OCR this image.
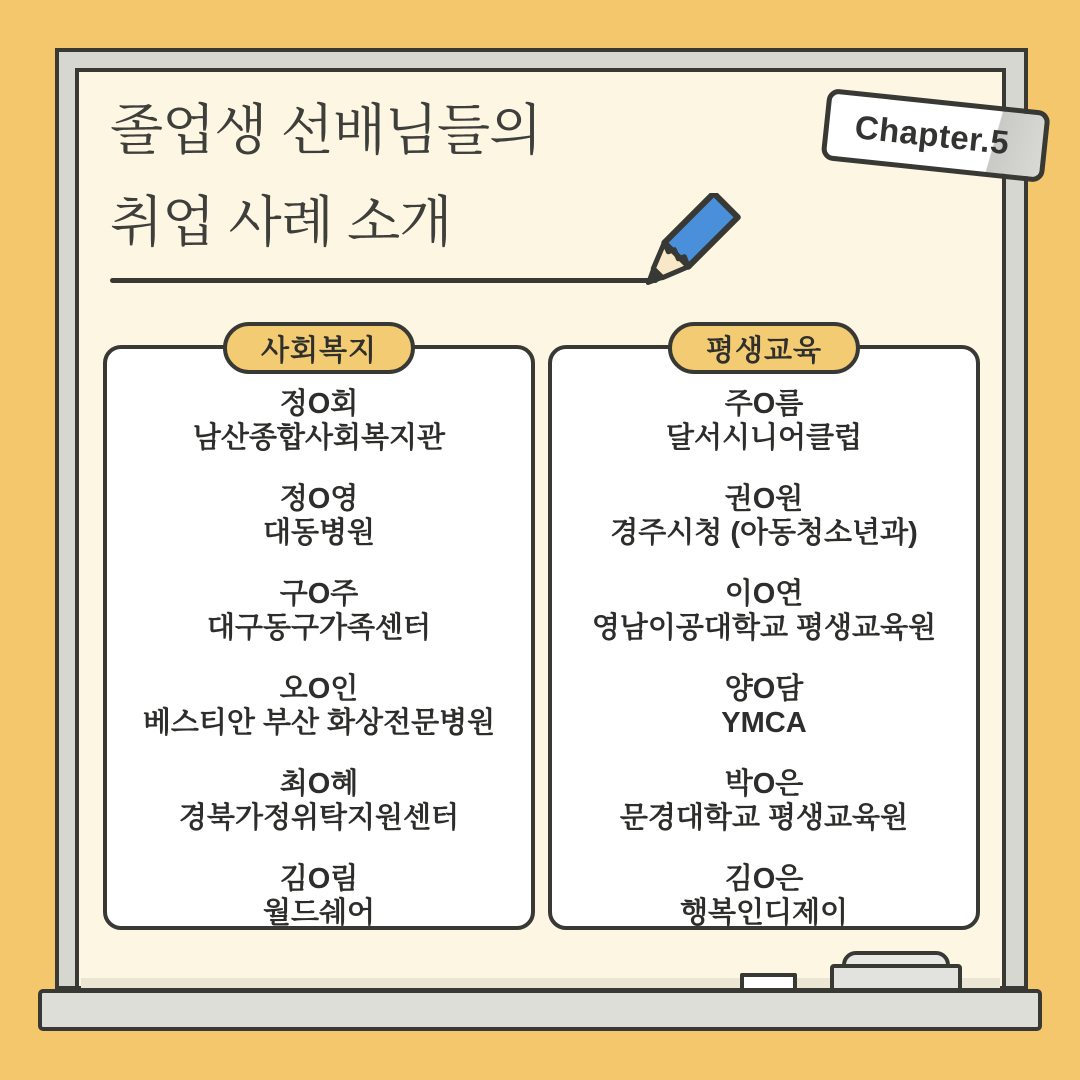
졸업생 선배님들의
취업 사례 소개
Chapter.5
사회복지
정O회
남산종합사회복지관
정O영
대동병원
구O주
대구동구가족센터
오O인
베스티안 부산 화상전문병원
최O혜
경북가정위탁지원센터
김O림
월드쉐어
평생교육
주O름
달서시니어클럽
권O원
경주시청 (아동청소년과)
이O연
영남이공대학교 평생교육원
양O담
YMCA
박O은
문경대학교 평생교육원
김O은
행복인디제이
